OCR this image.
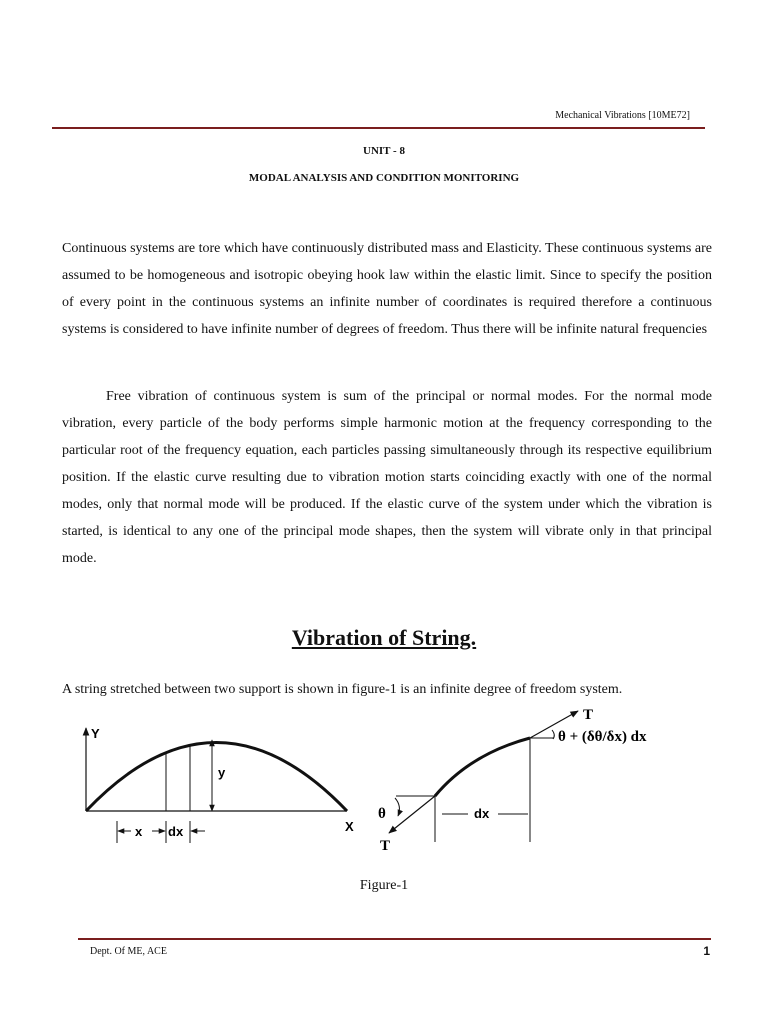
Mechanical Vibrations [10ME72]
UNIT - 8
MODAL ANALYSIS AND CONDITION MONITORING

Continuous systems are tore which have continuously distributed mass and Elasticity. These continuous systems are assumed to be homogeneous and isotropic obeying hook law within the elastic limit. Since to specify the position of every point in the continuous systems an infinite number of coordinates is required therefore a continuous systems is considered to have infinite number of degrees of freedom. Thus there will be infinite natural frequencies

Free vibration of continuous system is sum of the principal or normal modes. For the normal mode vibration, every particle of the body performs simple harmonic motion at the frequency corresponding to the particular root of the frequency equation, each particles passing simultaneously through its respective equilibrium position. If the elastic curve resulting due to vibration motion starts coinciding exactly with one of the normal modes, only that normal mode will be produced. If the elastic curve of the system under which the vibration is started, is identical to any one of the principal mode shapes, then the system will vibrate only in that principal mode.

Vibration of String.

A string stretched between two support is shown in figure-1 is an infinite degree of freedom system.

Y
X
y
x dx
T
θ	dx
T
θ + (δθ/δx) dx
Figure-1
Dept. Of ME, ACE	1
